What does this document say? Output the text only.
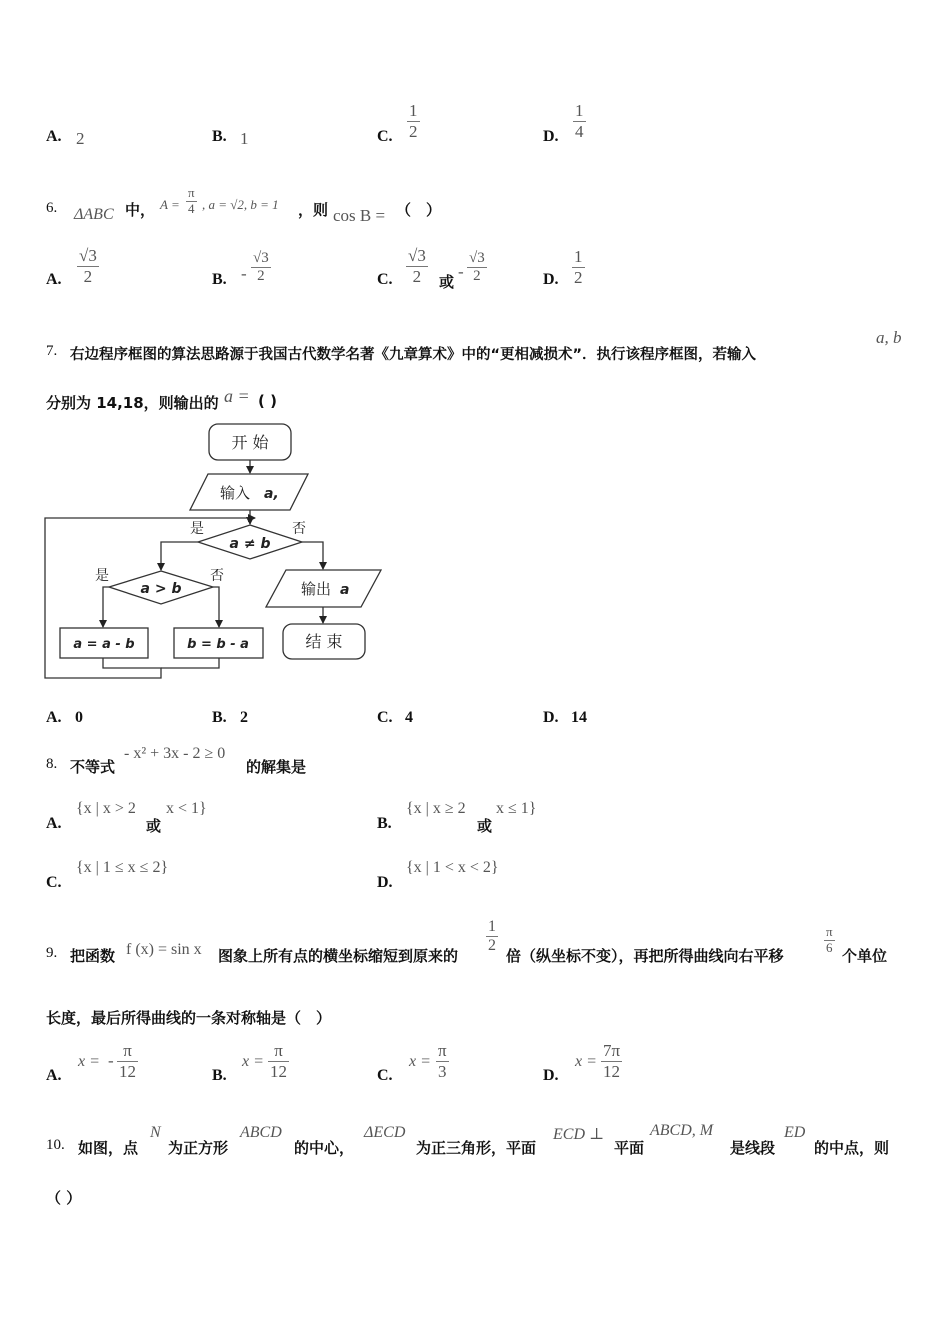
A. 2	B. 1	C.
1
2	D.
1
4
6. ΔABC 中， A =
π
4 , a = √2, b = 1 ，则 cos B = （　）
A.
√3
2	B. -
√3
2	C.
√3
2 或
-
√3
2	D.
1
2
7. 右边程序框图的算法思路源于我国古代数学名著《九章算术》中的“更相减损术”．执行该程序框图，若输入
a, b
分别为 14,18，则输出的 a = ( )
开 始
输入 a,
a ≠ b
是	否
a > b
是	否
a = a - b	b = b - a
输出 a
结 束
A. 0	B. 2	C. 4	D. 14
8. 不等式
- x² + 3x - 2 ≥ 0
的解集是
A.
{x | x > 2
或
x < 1}
B.
{x | x ≥ 2
或
x ≤ 1}
C.
{x | 1 ≤ x ≤ 2}
D.
{x | 1 < x < 2}
9. 把函数 f (x) = sin x 图象上所有点的横坐标缩短到原来的
1
2
倍（纵坐标不变），再把所得曲线向右平移
π
6 个单位
长度，最后所得曲线的一条对称轴是（　）
A.
x = -
π
12	B.
x =
π
12	C.
x =
π
3	D.
x =
7π
12
10. 如图，点
N
为正方形
ABCD
的中心，
ΔECD
为正三角形，平面
ECD ⊥
平面
ABCD, M
是线段
ED
的中点，则
（ ）
